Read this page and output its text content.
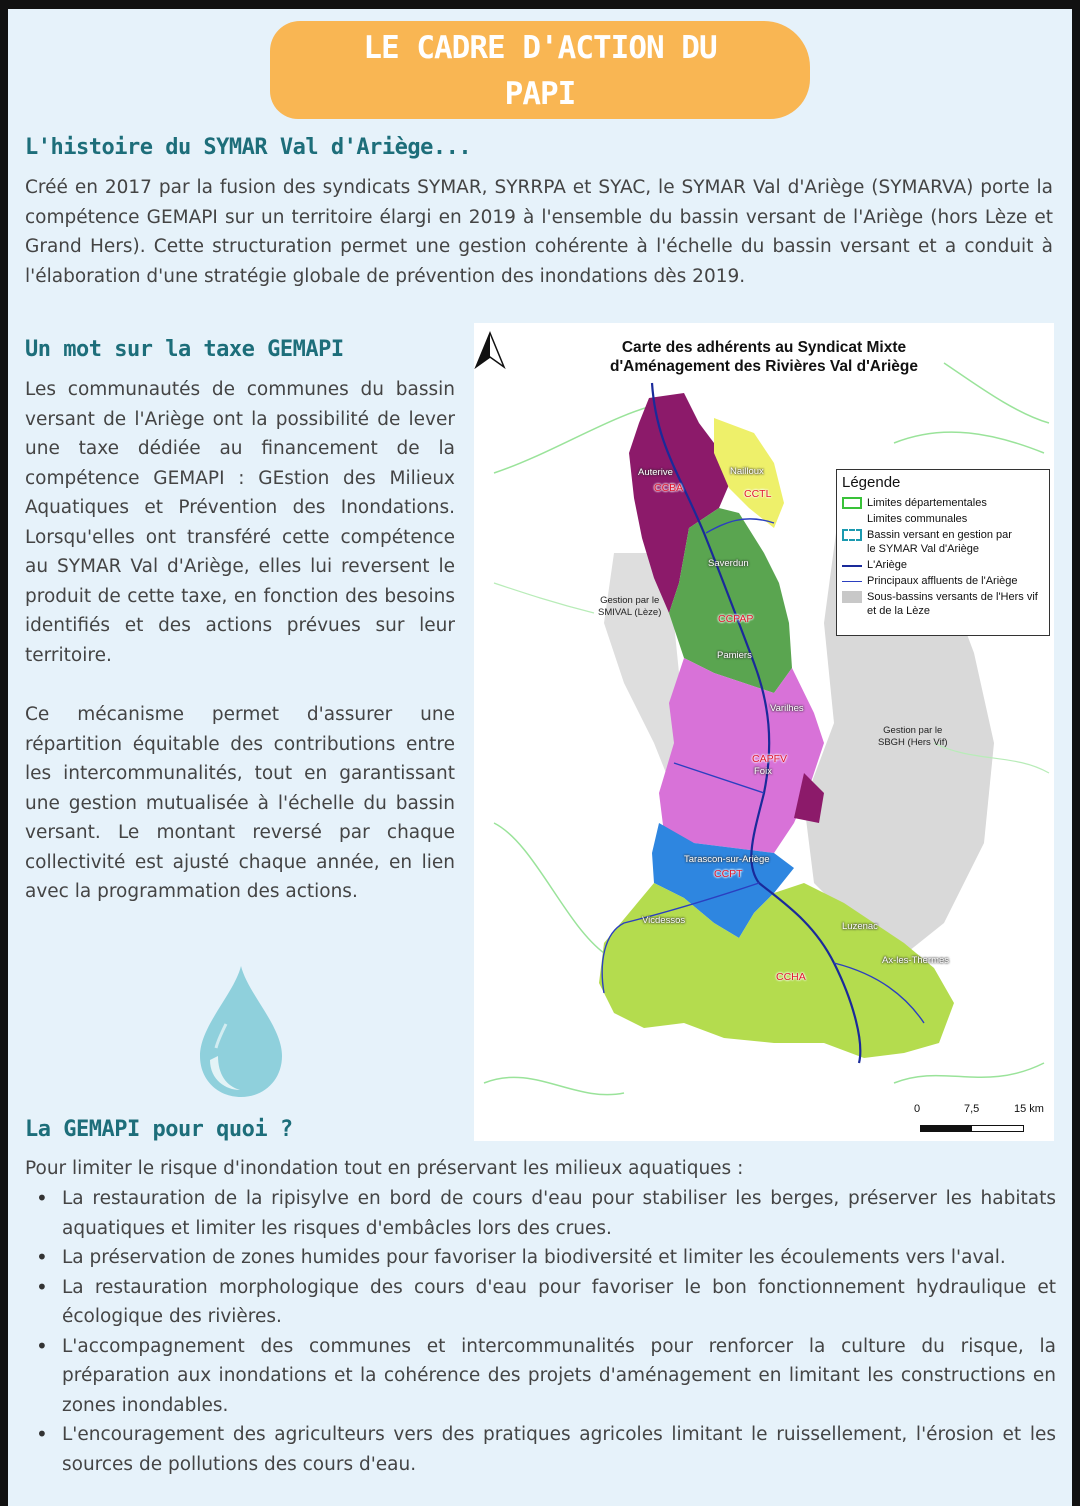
LE CADRE D'ACTION DU
PAPI
L'histoire du SYMAR Val d'Ariège...
Créé en 2017 par la fusion des syndicats SYMAR, SYRRPA et SYAC, le SYMAR Val d'Ariège (SYMARVA) porte la compétence GEMAPI sur un territoire élargi en 2019 à l'ensemble du bassin versant de l'Ariège (hors Lèze et Grand Hers). Cette structuration permet une gestion cohérente à l'échelle du bassin versant et a conduit à l'élaboration d'une stratégie globale de prévention des inondations dès 2019.
Un mot sur la taxe GEMAPI
Les communautés de communes du bassin versant de l'Ariège ont la possibilité de lever une taxe dédiée au financement de la compétence GEMAPI : GEstion des Milieux Aquatiques et Prévention des Inondations. Lorsqu'elles ont transféré cette compétence au SYMAR Val d'Ariège, elles lui reversent le produit de cette taxe, en fonction des besoins identifiés et des actions prévues sur leur territoire.
Ce mécanisme permet d'assurer une répartition équitable des contributions entre les intercommunalités, tout en garantissant une gestion mutualisée à l'échelle du bassin versant. Le montant reversé par chaque collectivité est ajusté chaque année, en lien avec la programmation des actions.
Carte des adhérents au Syndicat Mixte
d'Aménagement des Rivières Val d'Ariège
Auterive	Nailloux
Saverdun
Pamiers
Varilhes
Foix
Tarascon-sur-Ariège
Vicdessos
Luzenac
Ax-les-Thermes
CCBA	CCTL
CCPAP
CAPFV
CCPT
CCHA
Gestion par le
SMIVAL (Lèze)
Gestion par le
SBGH (Hers Vif)
Légende
Limites départementales
Limites communales
Bassin versant en gestion par
le SYMAR Val d'Ariège
L'Ariège
Principaux affluents de l'Ariège
Sous-bassins versants de l'Hers vif
et de la Lèze
0	7,5	15 km
La GEMAPI pour quoi ?
Pour limiter le risque d'inondation tout en préservant les milieux aquatiques :
• La restauration de la ripisylve en bord de cours d'eau pour stabiliser les berges, préserver les habitats aquatiques et limiter les risques d'embâcles lors des crues.
• La préservation de zones humides pour favoriser la biodiversité et limiter les écoulements vers l'aval.
• La restauration morphologique des cours d'eau pour favoriser le bon fonctionnement hydraulique et écologique des rivières.
• L'accompagnement des communes et intercommunalités pour renforcer la culture du risque, la préparation aux inondations et la cohérence des projets d'aménagement en limitant les constructions en zones inondables.
• L'encouragement des agriculteurs vers des pratiques agricoles limitant le ruissellement, l'érosion et les sources de pollutions des cours d'eau.
